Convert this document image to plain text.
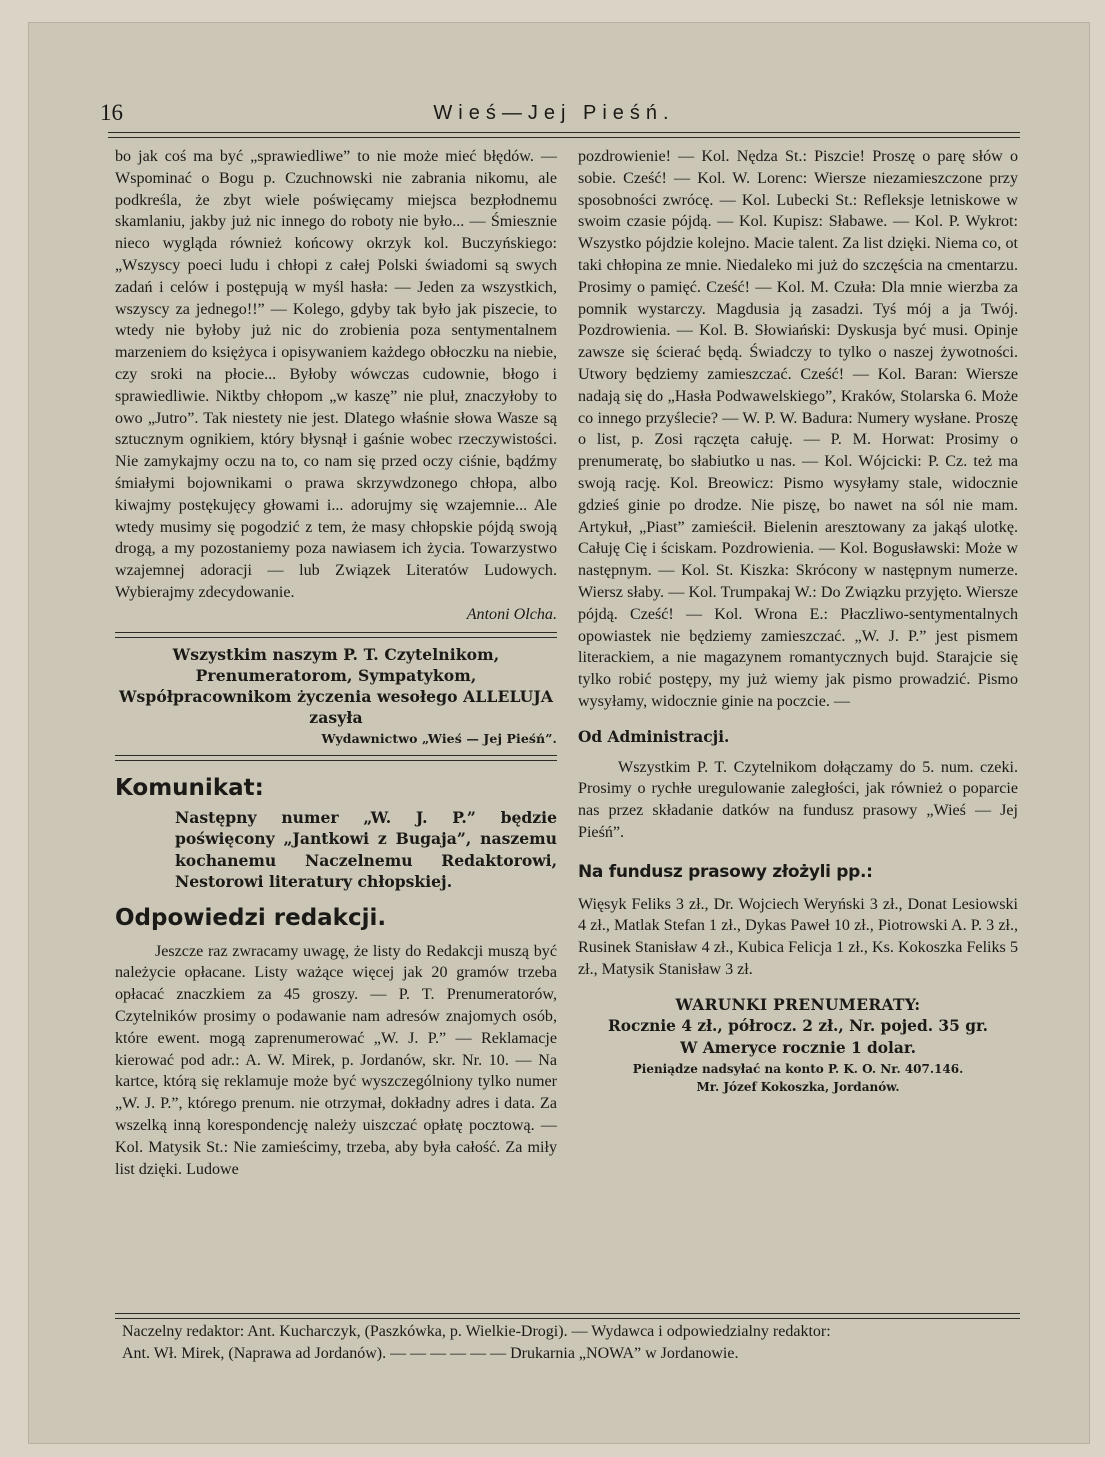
16	Wieś—Jej Pieśń.

bo jak coś ma być „sprawiedliwe” to nie może mieć błędów. — Wspominać o Bogu p. Czuchnowski nie zabrania nikomu, ale podkreśla, że zbyt wiele poświęcamy miejsca bezpłodnemu skamlaniu, jakby już nic innego do roboty nie było... — Śmiesznie nieco wygląda również końcowy okrzyk kol. Buczyńskiego: „Wszyscy poeci ludu i chłopi z całej Polski świadomi są swych zadań i celów i postępują w myśl hasła: — Jeden za wszystkich, wszyscy za jednego!!” — Kolego, gdyby tak było jak piszecie, to wtedy nie byłoby już nic do zrobienia poza sentymentalnem marzeniem do księżyca i opisywaniem każdego obłoczku na niebie, czy sroki na płocie... Byłoby wówczas cudownie, błogo i sprawiedliwie. Niktby chłopom „w kaszę” nie pluł, znaczyłoby to owo „Jutro”. Tak niestety nie jest. Dlatego właśnie słowa Wasze są sztucznym ognikiem, który błysnął i gaśnie wobec rzeczywistości. Nie zamykajmy oczu na to, co nam się przed oczy ciśnie, bądźmy śmiałymi bojownikami o prawa skrzywdzonego chłopa, albo kiwajmy postękujęcy głowami i... adorujmy się wzajemnie... Ale wtedy musimy się pogodzić z tem, że masy chłopskie pójdą swoją drogą, a my pozostaniemy poza nawiasem ich życia. Towarzystwo wzajemnej adoracji — lub Związek Literatów Ludowych. Wybierajmy zdecydowanie.

Antoni Olcha.

Wszystkim naszym P. T. Czytelnikom, Prenumeratorom, Sympatykom, Współpracownikom życzenia wesołego ALLELUJA zasyła
Wydawnictwo „Wieś — Jej Pieśń”.
Komunikat:
Następny numer „W. J. P.” będzie poświęcony „Jantkowi z Bugaja”, naszemu kochanemu Naczelnemu Redaktorowi, Nestorowi literatury chłopskiej.
Odpowiedzi redakcji.

Jeszcze raz zwracamy uwagę, że listy do Redakcji muszą być należycie opłacane. Listy ważące więcej jak 20 gramów trzeba opłacać znaczkiem za 45 groszy. — P. T. Prenumeratorów, Czytelników prosimy o podawanie nam adresów znajomych osób, które ewent. mogą zaprenumerować „W. J. P.” — Reklamacje kierować pod adr.: A. W. Mirek, p. Jordanów, skr. Nr. 10. — Na kartce, którą się reklamuje może być wyszczególniony tylko numer „W. J. P.”, którego prenum. nie otrzymał, dokładny adres i data. Za wszelką inną korespondencję należy uiszczać opłatę pocztową. — Kol. Matysik St.: Nie zamieścimy, trzeba, aby była całość. Za miły list dzięki. Ludowe

pozdrowienie! — Kol. Nędza St.: Piszcie! Proszę o parę słów o sobie. Cześć! — Kol. W. Lorenc: Wiersze niezamieszczone przy sposobności zwrócę. — Kol. Lubecki St.: Refleksje letniskowe w swoim czasie pójdą. — Kol. Kupisz: Słabawe. — Kol. P. Wykrot: Wszystko pójdzie kolejno. Macie talent. Za list dzięki. Niema co, ot taki chłopina ze mnie. Niedaleko mi już do szczęścia na cmentarzu. Prosimy o pamięć. Cześć! — Kol. M. Czuła: Dla mnie wierzba za pomnik wystarczy. Magdusia ją zasadzi. Tyś mój a ja Twój. Pozdrowienia. — Kol. B. Słowiański: Dyskusja być musi. Opinje zawsze się ścierać będą. Świadczy to tylko o naszej żywotności. Utwory będziemy zamieszczać. Cześć! — Kol. Baran: Wiersze nadają się do „Hasła Podwawelskiego”, Kraków, Stolarska 6. Może co innego przyślecie? — W. P. W. Badura: Numery wysłane. Proszę o list, p. Zosi rączęta całuję. — P. M. Horwat: Prosimy o prenumeratę, bo słabiutko u nas. — Kol. Wójcicki: P. Cz. też ma swoją rację. Kol. Breowicz: Pismo wysyłamy stale, widocznie gdzieś ginie po drodze. Nie piszę, bo nawet na sól nie mam. Artykuł, „Piast” zamieścił. Bielenin aresztowany za jakąś ulotkę. Całuję Cię i ściskam. Pozdrowienia. — Kol. Bogusławski: Może w następnym. — Kol. St. Kiszka: Skrócony w następnym numerze. Wiersz słaby. — Kol. Trumpakaj W.: Do Związku przyjęto. Wiersze pójdą. Cześć! — Kol. Wrona E.: Płaczliwo-sentymentalnych opowiastek nie będziemy zamieszczać. „W. J. P.” jest pismem literackiem, a nie magazynem romantycznych bujd. Starajcie się tylko robić postępy, my już wiemy jak pismo prowadzić. Pismo wysyłamy, widocznie ginie na poczcie. —

Od Administracji.

Wszystkim P. T. Czytelnikom dołączamy do 5. num. czeki. Prosimy o rychłe uregulowanie zaległości, jak również o poparcie nas przez składanie datków na fundusz prasowy „Wieś — Jej Pieśń”.

Na fundusz prasowy złożyli pp.:

Więsyk Feliks 3 zł., Dr. Wojciech Weryński 3 zł., Donat Lesiowski 4 zł., Matlak Stefan 1 zł., Dykas Paweł 10 zł., Piotrowski A. P. 3 zł., Rusinek Stanisław 4 zł., Kubica Felicja 1 zł., Ks. Kokoszka Feliks 5 zł., Matysik Stanisław 3 zł.

WARUNKI PRENUMERATY:
Rocznie 4 zł., półrocz. 2 zł., Nr. pojed. 35 gr.
W Ameryce rocznie 1 dolar.
Pieniądze nadsyłać na konto P. K. O. Nr. 407.146.
Mr. Józef Kokoszka, Jordanów.

Naczelny redaktor: Ant. Kucharczyk, (Paszkówka, p. Wielkie-Drogi). — Wydawca i odpowiedzialny redaktor:

Ant. Wł. Mirek, (Naprawa ad Jordanów). — — — — — — Drukarnia „NOWA” w Jordanowie.
